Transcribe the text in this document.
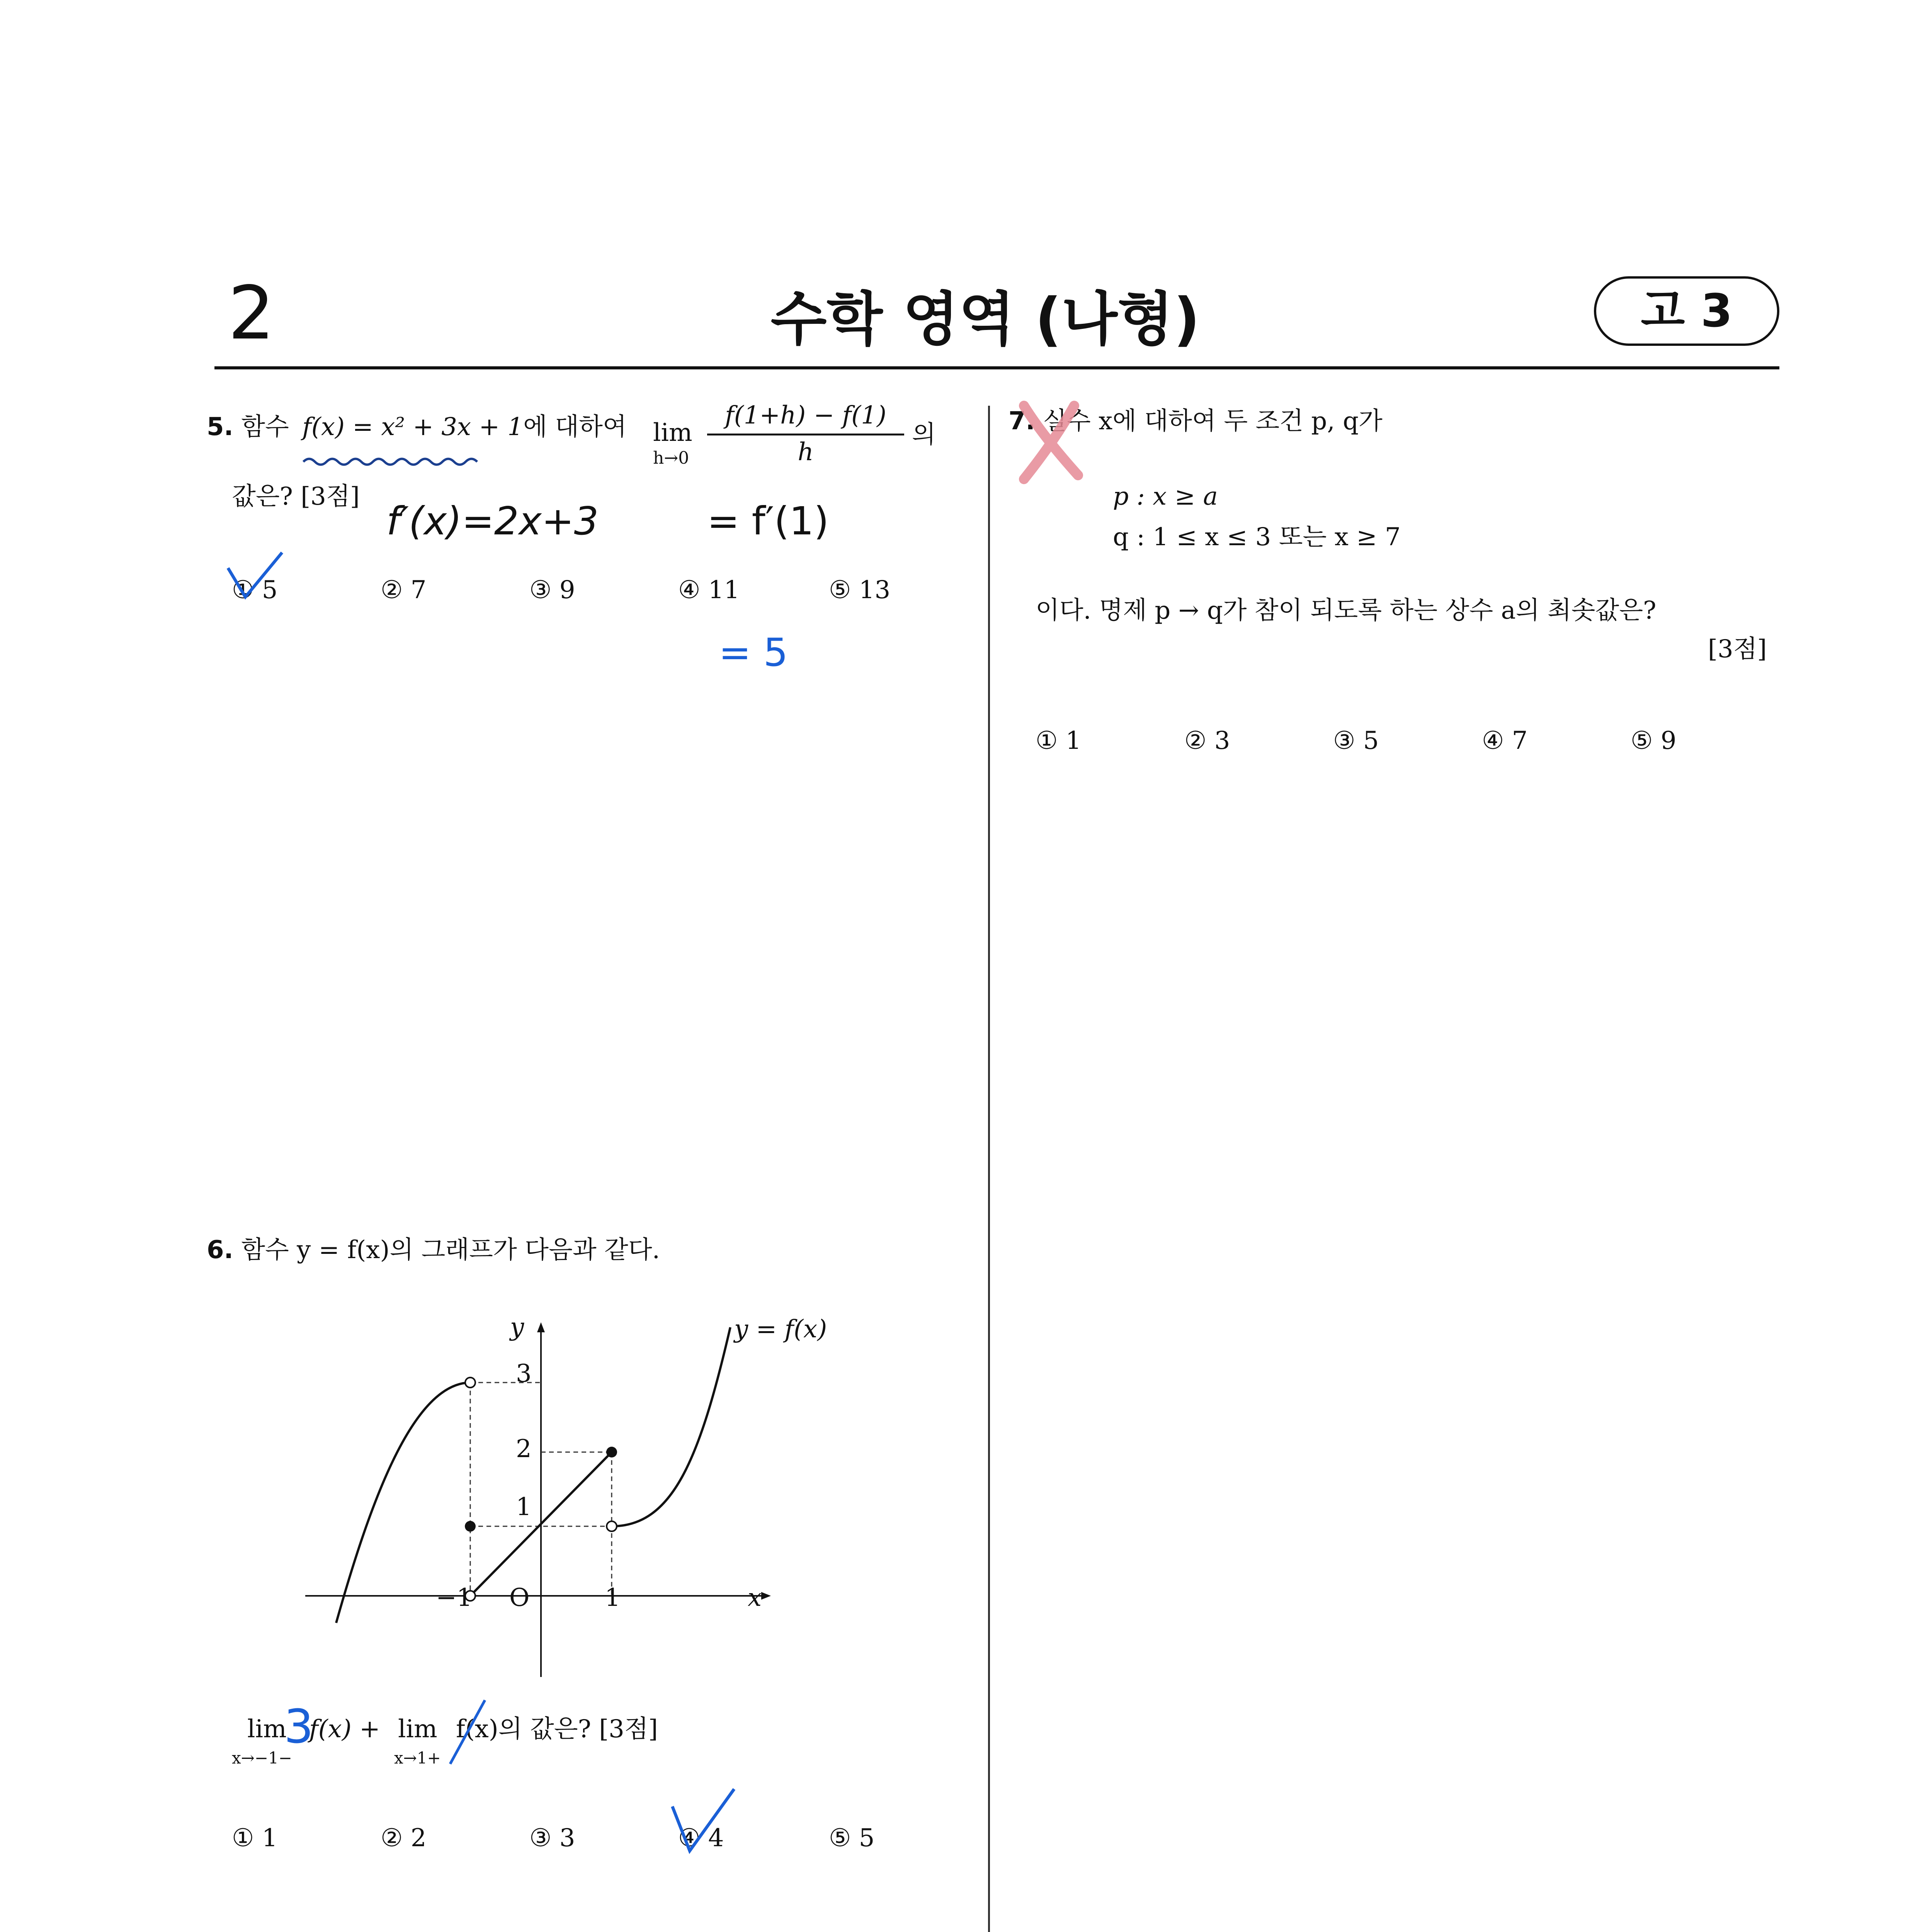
2	수학 영역 (나형)	고 3
5. 함수 f(x) = x² + 3x + 1에 대하여 lim
h→0
f(1+h) − f(1)
h
의
값은? [3점]
f′(x)=2x+3	= f′(1)
= 5
① 5	② 7	③ 9	④ 11	⑤ 13
7. 실수 x에 대하여 두 조건 p, q가
p : x ≥ a
q : 1 ≤ x ≤ 3 또는 x ≥ 7
이다. 명제 p → q가 참이 되도록 하는 상수 a의 최솟값은?
[3점]
① 1	② 3	③ 5	④ 7	⑤ 9
6. 함수 y = f(x)의 그래프가 다음과 같다.
y
x
y = f(x)
O
−1	1
1
2
3
lim
x→−1−
f(x) + lim
x→1+
f(x)의 값은? [3점]
3
① 1	② 2	③ 3	④ 4	⑤ 5
